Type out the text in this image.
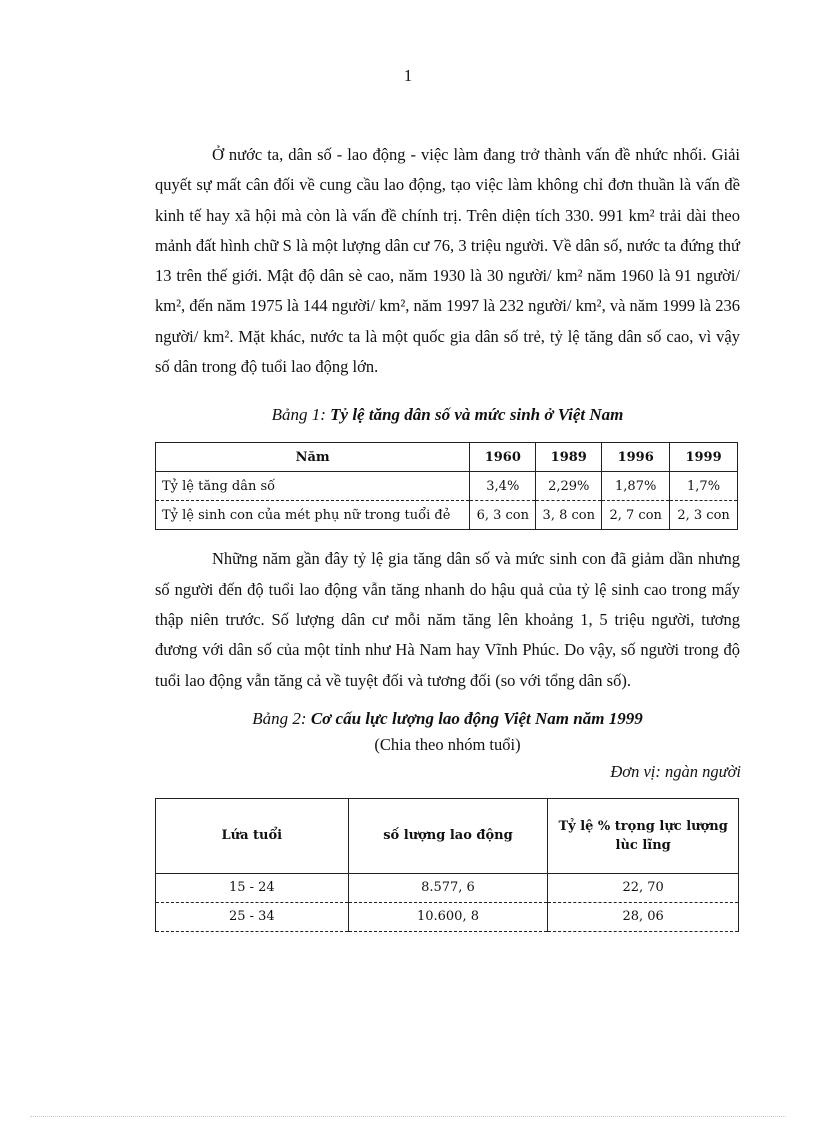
1

Ở nước ta, dân số - lao động - việc làm đang trở thành vấn đề nhức nhối. Giải quyết sự mất cân đối về cung cầu lao động, tạo việc làm không chỉ đơn thuần là vấn đề kinh tế hay xã hội mà còn là vấn đề chính trị. Trên diện tích 330. 991 km² trải dài theo mảnh đất hình chữ S là một lượng dân cư 76, 3 triệu người. Về dân số, nước ta đứng thứ 13 trên thế giới. Mật độ dân sè cao, năm 1930 là 30 người/ km² năm 1960 là 91 người/ km², đến năm 1975 là 144 người/ km², năm 1997 là 232 người/ km², và năm 1999 là 236 người/ km². Mặt khác, nước ta là một quốc gia dân số trẻ, tỷ lệ tăng dân số cao, vì vậy số dân trong độ tuổi lao động lớn.

Bảng 1: Tỷ lệ tăng dân số và mức sinh ở Việt Nam
Năm	1960	1989	1996	1999
Tỷ lệ tăng dân số	3,4%	2,29%	1,87%	1,7%
Tỷ lệ sinh con của mét phụ nữ trong tuổi đẻ	6, 3 con	3, 8 con	2, 7 con	2, 3 con

Những năm gần đây tỷ lệ gia tăng dân số và mức sinh con đã giảm dần nhưng số người đến độ tuổi lao động vẫn tăng nhanh do hậu quả của tỷ lệ sinh cao trong mấy thập niên trước. Số lượng dân cư mỗi năm tăng lên khoảng 1, 5 triệu người, tương đương với dân số của một tỉnh như Hà Nam hay Vĩnh Phúc. Do vậy, số người trong độ tuổi lao động vẫn tăng cả về tuyệt đối và tương đối (so với tổng dân số).

Bảng 2: Cơ cấu lực lượng lao động Việt Nam năm 1999
(Chia theo nhóm tuổi)
Đơn vị: ngàn người
Lứa tuổi	số lượng lao động	Tỷ lệ % trọng lực lượng lùc lĩng
15 - 24	8.577, 6	22, 70
25 - 34	10.600, 8	28, 06
